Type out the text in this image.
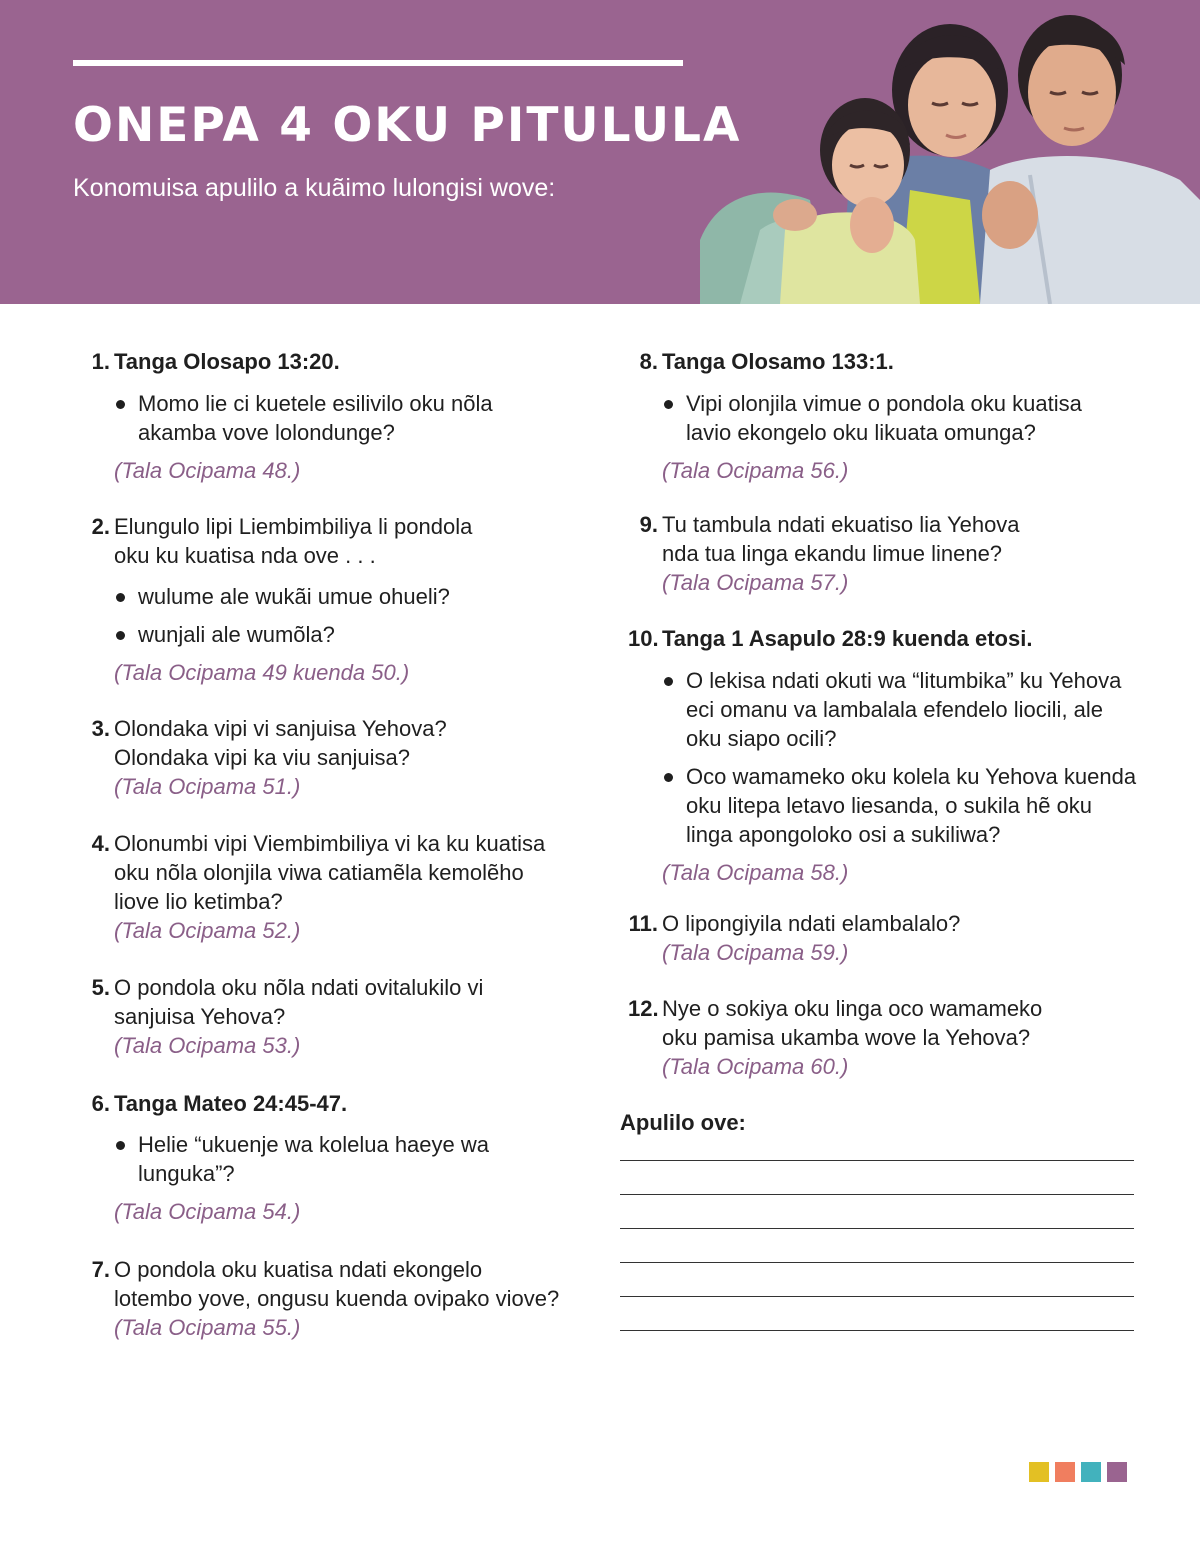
ONEPA 4 OKU PITULULA
Konomuisa apulilo a kuãimo lulongisi wove:
1. Tanga Olosapo 13:20.
Momo lie ci kuetele esilivilo oku nõla akamba vove lolondunge?
(Tala Ocipama 48.)
2. Elungulo lipi Liembimbiliya li pondola oku ku kuatisa nda ove . . .
wulume ale wukãi umue ohueli?
wunjali ale wumõla?
(Tala Ocipama 49 kuenda 50.)
3. Olondaka vipi vi sanjuisa Yehova? Olondaka vipi ka viu sanjuisa?
(Tala Ocipama 51.)
4. Olonumbi vipi Viembimbiliya vi ka ku kuatisa oku nõla olonjila viwa catiamẽla kemolẽho liove lio ketimba?
(Tala Ocipama 52.)
5. O pondola oku nõla ndati ovitalukilo vi sanjuisa Yehova?
(Tala Ocipama 53.)
6. Tanga Mateo 24:45-47.
Helie “ukuenje wa kolelua haeye wa lunguka”?
(Tala Ocipama 54.)
7. O pondola oku kuatisa ndati ekongelo lotembo yove, ongusu kuenda ovipako viove?
(Tala Ocipama 55.)
8. Tanga Olosamo 133:1.
Vipi olonjila vimue o pondola oku kuatisa lavio ekongelo oku likuata omunga?
(Tala Ocipama 56.)
9. Tu tambula ndati ekuatiso lia Yehova nda tua linga ekandu limue linene?
(Tala Ocipama 57.)
10. Tanga 1 Asapulo 28:9 kuenda etosi.
O lekisa ndati okuti wa “litumbika” ku Yehova eci omanu va lambalala efendelo liocili, ale oku siapo ocili?
Oco wamameko oku kolela ku Yehova kuenda oku litepa letavo liesanda, o sukila hẽ oku linga apongoloko osi a sukiliwa?
(Tala Ocipama 58.)
11. O lipongiyila ndati elambalalo?
(Tala Ocipama 59.)
12. Nye o sokiya oku linga oco wamameko oku pamisa ukamba wove la Yehova?
(Tala Ocipama 60.)
Apulilo ove:
